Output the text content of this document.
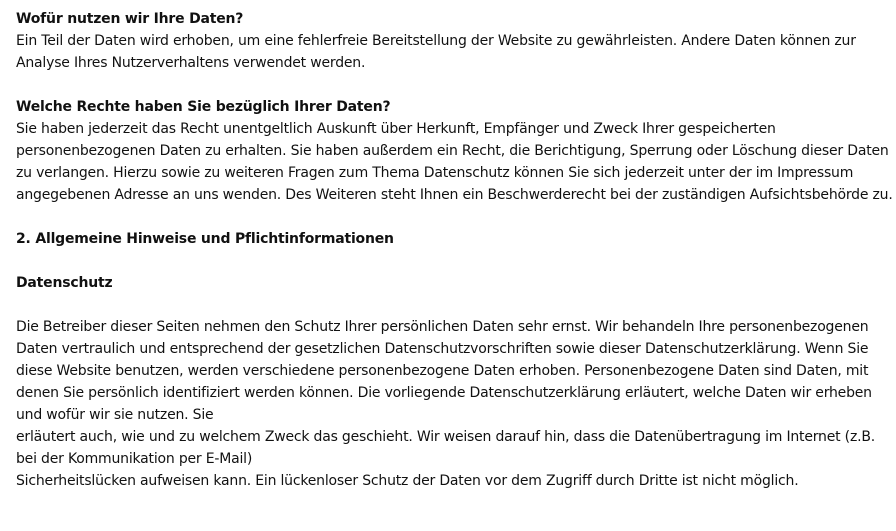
Wofür nutzen wir Ihre Daten?

Ein Teil der Daten wird erhoben, um eine fehlerfreie Bereitstellung der Website zu gewährleisten. Andere Daten können zur
Analyse Ihres Nutzerverhaltens verwendet werden.

Welche Rechte haben Sie bezüglich Ihrer Daten?

Sie haben jederzeit das Recht unentgeltlich Auskunft über Herkunft, Empfänger und Zweck Ihrer gespeicherten
personenbezogenen Daten zu erhalten. Sie haben außerdem ein Recht, die Berichtigung, Sperrung oder Löschung dieser Daten
zu verlangen. Hierzu sowie zu weiteren Fragen zum Thema Datenschutz können Sie sich jederzeit unter der im Impressum
angegebenen Adresse an uns wenden. Des Weiteren steht Ihnen ein Beschwerderecht bei der zuständigen Aufsichtsbehörde zu.

2. Allgemeine Hinweise und Pflichtinformationen

Datenschutz

Die Betreiber dieser Seiten nehmen den Schutz Ihrer persönlichen Daten sehr ernst. Wir behandeln Ihre personenbezogenen
Daten vertraulich und entsprechend der gesetzlichen Datenschutzvorschriften sowie dieser Datenschutzerklärung. Wenn Sie
diese Website benutzen, werden verschiedene personenbezogene Daten erhoben. Personenbezogene Daten sind Daten, mit
denen Sie persönlich identifiziert werden können. Die vorliegende Datenschutzerklärung erläutert, welche Daten wir erheben
und wofür wir sie nutzen. Sie
erläutert auch, wie und zu welchem Zweck das geschieht. Wir weisen darauf hin, dass die Datenübertragung im Internet (z.B.
bei der Kommunikation per E-Mail)
Sicherheitslücken aufweisen kann. Ein lückenloser Schutz der Daten vor dem Zugriff durch Dritte ist nicht möglich.
